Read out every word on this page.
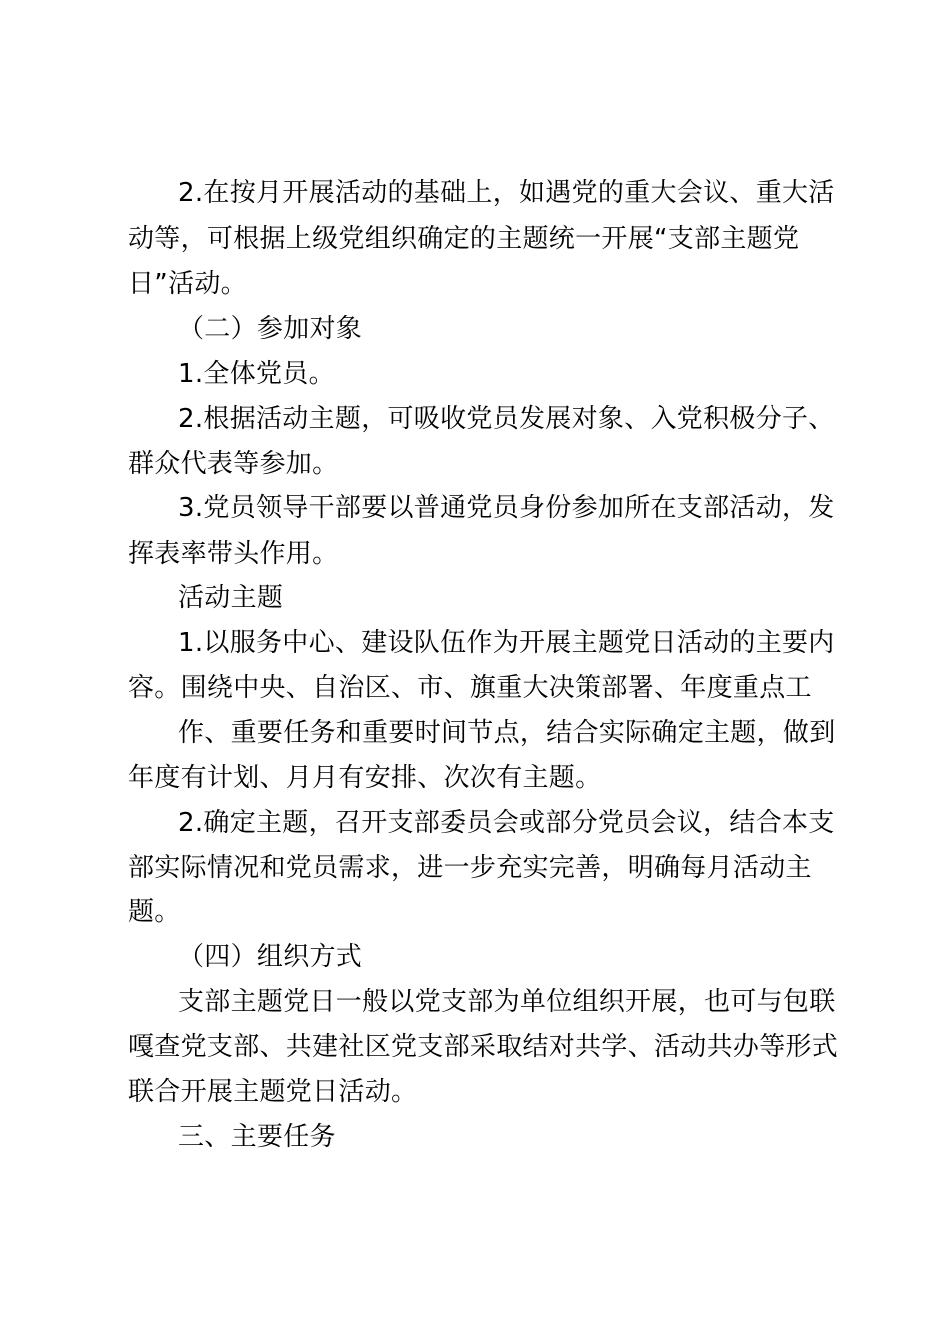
2.在按月开展活动的基础上，如遇党的重大会议、重大活
动等，可根据上级党组织确定的主题统一开展“支部主题党
日”活动。
（二）参加对象
1.全体党员。
2.根据活动主题，可吸收党员发展对象、入党积极分子、
群众代表等参加。
3.党员领导干部要以普通党员身份参加所在支部活动，发
挥表率带头作用。
活动主题
1.以服务中心、建设队伍作为开展主题党日活动的主要内
容。围绕中央、自治区、市、旗重大决策部署、年度重点工
作、重要任务和重要时间节点，结合实际确定主题，做到
年度有计划、月月有安排、次次有主题。
2.确定主题，召开支部委员会或部分党员会议，结合本支
部实际情况和党员需求，进一步充实完善，明确每月活动主
题。
（四）组织方式
支部主题党日一般以党支部为单位组织开展，也可与包联
嘎查党支部、共建社区党支部采取结对共学、活动共办等形式
联合开展主题党日活动。
三、主要任务
